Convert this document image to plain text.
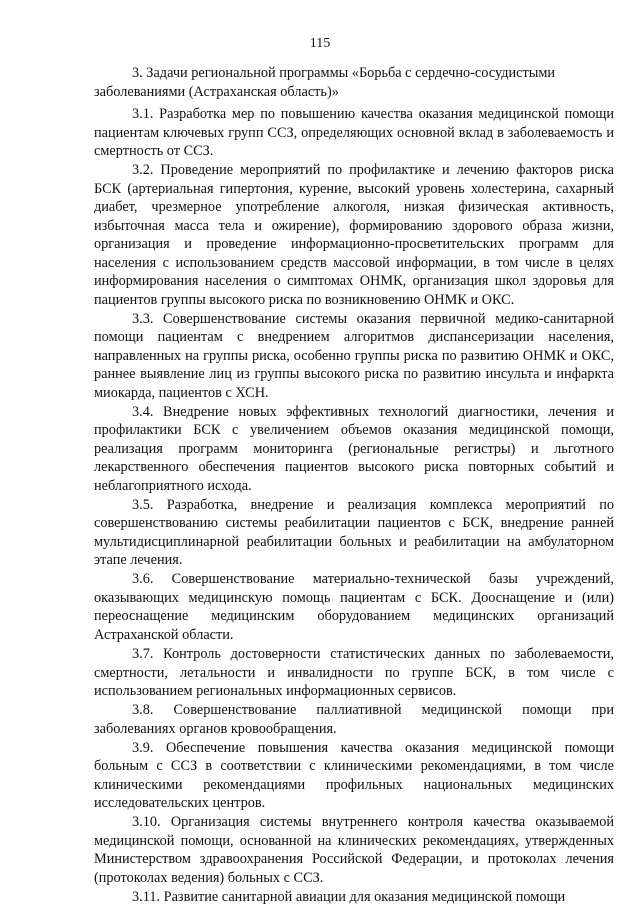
115
3. Задачи региональной программы «Борьба с сердечно-сосудистыми заболеваниями (Астраханская область)»

3.1. Разработка мер по повышению качества оказания медицинской помощи пациентам ключевых групп ССЗ, определяющих основной вклад в заболеваемость и смертность от ССЗ.

3.2. Проведение мероприятий по профилактике и лечению факторов риска БСК (артериальная гипертония, курение, высокий уровень холестерина, сахарный диабет, чрезмерное употребление алкоголя, низкая физическая активность, избыточная масса тела и ожирение), формированию здорового образа жизни, организация и проведение информационно-просветительских программ для населения с использованием средств массовой информации, в том числе в целях информирования населения о симптомах ОНМК, организация школ здоровья для пациентов группы высокого риска по возникновению ОНМК и ОКС.

3.3. Совершенствование системы оказания первичной медико-санитарной помощи пациентам с внедрением алгоритмов диспансеризации населения, направленных на группы риска, особенно группы риска по развитию ОНМК и ОКС, раннее выявление лиц из группы высокого риска по развитию инсульта и инфаркта миокарда, пациентов с ХСН.

3.4. Внедрение новых эффективных технологий диагностики, лечения и профилактики БСК с увеличением объемов оказания медицинской помощи, реализация программ мониторинга (региональные регистры) и льготного лекарственного обеспечения пациентов высокого риска повторных событий и неблагоприятного исхода.

3.5. Разработка, внедрение и реализация комплекса мероприятий по совершенствованию системы реабилитации пациентов с БСК, внедрение ранней мультидисциплинарной реабилитации больных и реабилитации на амбулаторном этапе лечения.

3.6. Совершенствование материально-технической базы учреждений, оказывающих медицинскую помощь пациентам с БСК. Дооснащение и (или) переоснащение медицинским оборудованием медицинских организаций Астраханской области.

3.7. Контроль достоверности статистических данных по заболеваемости, смертности, летальности и инвалидности по группе БСК, в том числе с использованием региональных информационных сервисов.

3.8. Совершенствование паллиативной медицинской помощи при заболеваниях органов кровообращения.

3.9. Обеспечение повышения качества оказания медицинской помощи больным с ССЗ в соответствии с клиническими рекомендациями, в том числе клиническими рекомендациями профильных национальных медицинских исследовательских центров.

3.10. Организация системы внутреннего контроля качества оказываемой медицинской помощи, основанной на клинических рекомендациях, утвержденных Министерством здравоохранения Российской Федерации, и протоколах лечения (протоколах ведения) больных с ССЗ.

3.11. Развитие санитарной авиации для оказания медицинской помощи
